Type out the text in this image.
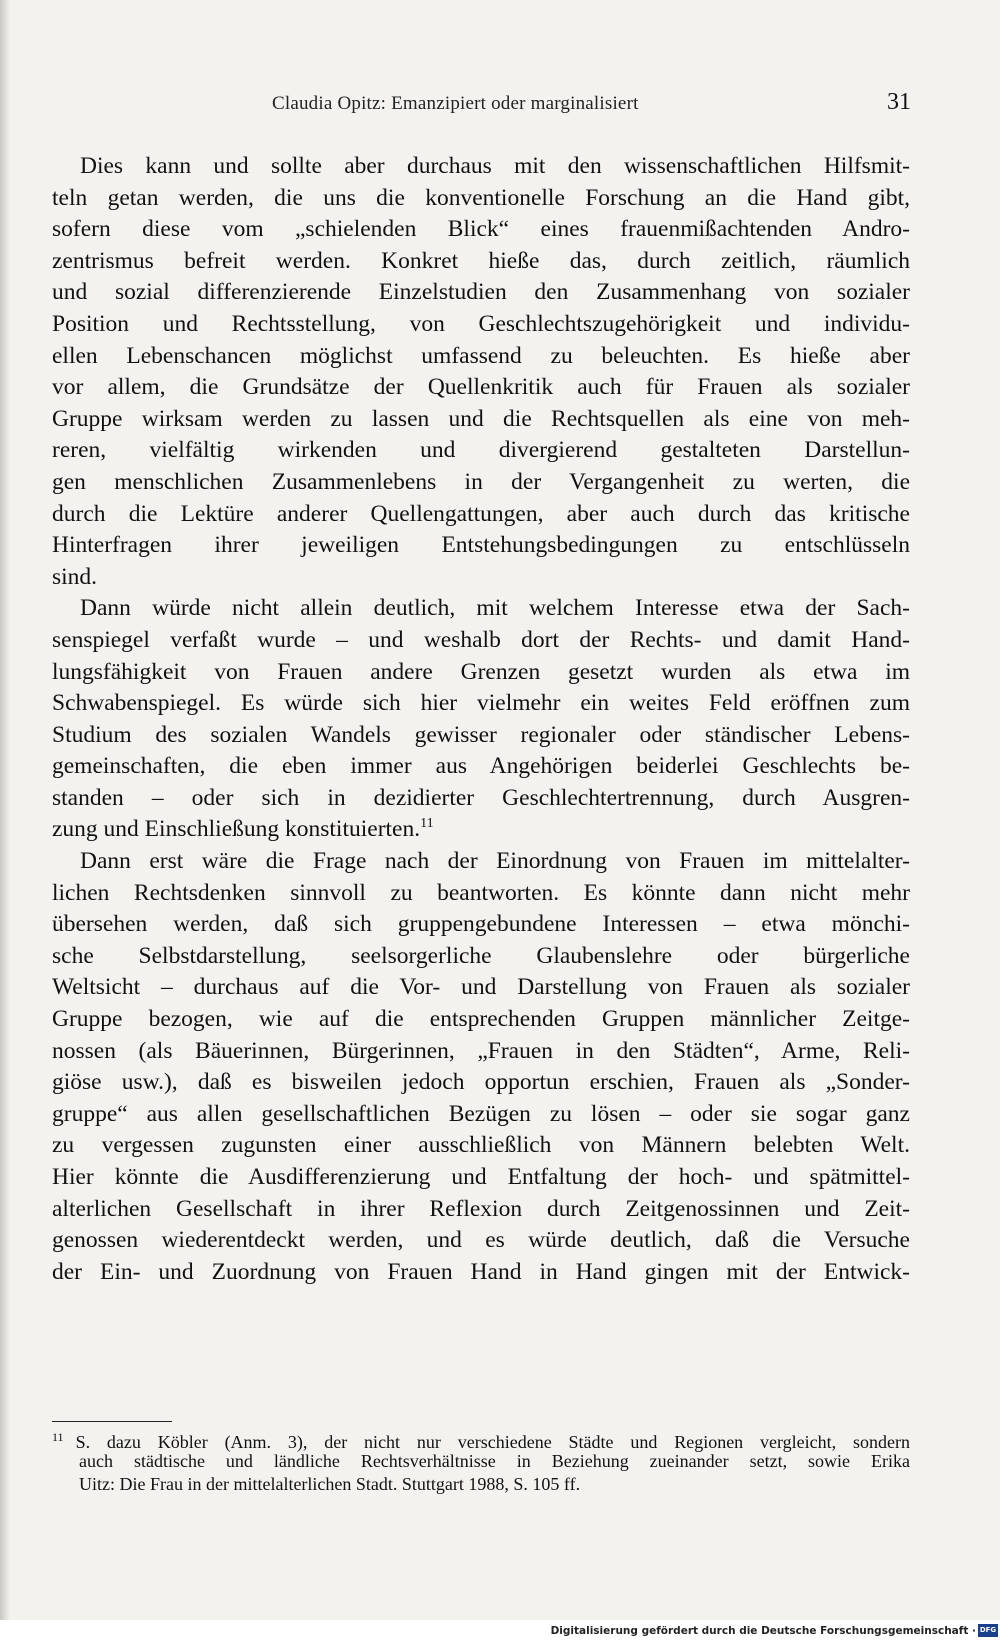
Claudia Opitz: Emanzipiert oder marginalisiert	31
Dies kann und sollte aber durchaus mit den wissenschaftlichen Hilfsmit-
teln getan werden, die uns die konventionelle Forschung an die Hand gibt,
sofern diese vom „schielenden Blick“ eines frauenmißachtenden Andro-
zentrismus befreit werden. Konkret hieße das, durch zeitlich, räumlich
und sozial differenzierende Einzelstudien den Zusammenhang von sozialer
Position und Rechtsstellung, von Geschlechtszugehörigkeit und individu-
ellen Lebenschancen möglichst umfassend zu beleuchten. Es hieße aber
vor allem, die Grundsätze der Quellenkritik auch für Frauen als sozialer
Gruppe wirksam werden zu lassen und die Rechtsquellen als eine von meh-
reren, vielfältig wirkenden und divergierend gestalteten Darstellun-
gen menschlichen Zusammenlebens in der Vergangenheit zu werten, die
durch die Lektüre anderer Quellengattungen, aber auch durch das kritische
Hinterfragen ihrer jeweiligen Entstehungsbedingungen zu entschlüsseln
sind.
Dann würde nicht allein deutlich, mit welchem Interesse etwa der Sach-
senspiegel verfaßt wurde – und weshalb dort der Rechts- und damit Hand-
lungsfähigkeit von Frauen andere Grenzen gesetzt wurden als etwa im
Schwabenspiegel. Es würde sich hier vielmehr ein weites Feld eröffnen zum
Studium des sozialen Wandels gewisser regionaler oder ständischer Lebens-
gemeinschaften, die eben immer aus Angehörigen beiderlei Geschlechts be-
standen – oder sich in dezidierter Geschlechtertrennung, durch Ausgren-
zung und Einschließung konstituierten.$^{11}$
Dann erst wäre die Frage nach der Einordnung von Frauen im mittelalter-
lichen Rechtsdenken sinnvoll zu beantworten. Es könnte dann nicht mehr
übersehen werden, daß sich gruppengebundene Interessen – etwa mönchi-
sche Selbstdarstellung, seelsorgerliche Glaubenslehre oder bürgerliche
Weltsicht – durchaus auf die Vor- und Darstellung von Frauen als sozialer
Gruppe bezogen, wie auf die entsprechenden Gruppen männlicher Zeitge-
nossen (als Bäuerinnen, Bürgerinnen, „Frauen in den Städten“, Arme, Reli-
giöse usw.), daß es bisweilen jedoch opportun erschien, Frauen als „Sonder-
gruppe“ aus allen gesellschaftlichen Bezügen zu lösen – oder sie sogar ganz
zu vergessen zugunsten einer ausschließlich von Männern belebten Welt.
Hier könnte die Ausdifferenzierung und Entfaltung der hoch- und spätmittel-
alterlichen Gesellschaft in ihrer Reflexion durch Zeitgenossinnen und Zeit-
genossen wiederentdeckt werden, und es würde deutlich, daß die Versuche
der Ein- und Zuordnung von Frauen Hand in Hand gingen mit der Entwick-
$^{11}$ S. dazu Köbler (Anm. 3), der nicht nur verschiedene Städte und Regionen vergleicht, sondern
auch städtische und ländliche Rechtsverhältnisse in Beziehung zueinander setzt, sowie Erika
Uitz: Die Frau in der mittelalterlichen Stadt. Stuttgart 1988, S. 105 ff.
Digitalisierung gefördert durch die Deutsche Forschungsgemeinschaft · DFG
